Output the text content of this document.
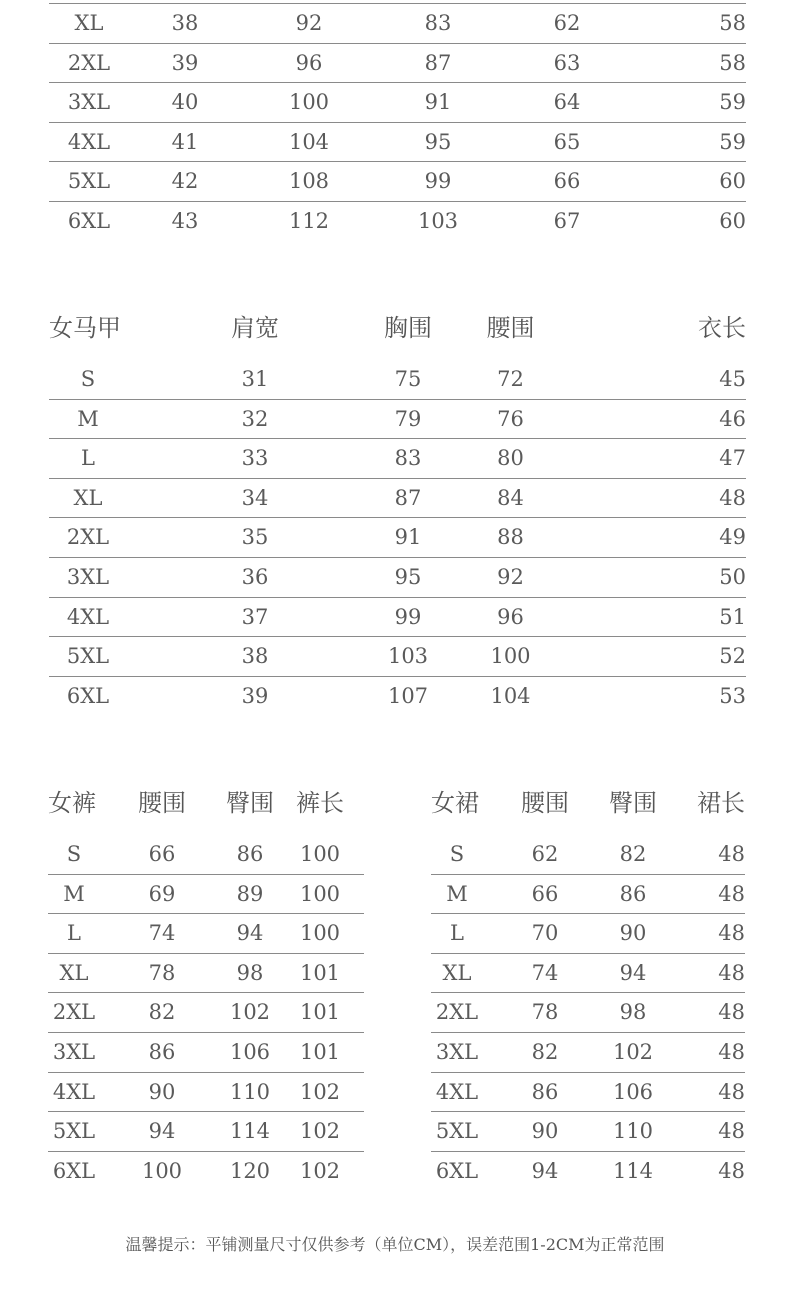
XL	38	92	83	62	58
2XL	39	96	87	63	58
3XL	40	100	91	64	59
4XL	41	104	95	65	59
5XL	42	108	99	66	60
6XL	43	112	103	67	60
女马甲	肩宽	胸围	腰围	衣长
S	31	75	72	45
M	32	79	76	46
L	33	83	80	47
XL	34	87	84	48
2XL	35	91	88	49
3XL	36	95	92	50
4XL	37	99	96	51
5XL	38	103	100	52
6XL	39	107	104	53
女裤	腰围	臀围	裤长
S	66	86	100
M	69	89	100
L	74	94	100
XL	78	98	101
2XL	82	102	101
3XL	86	106	101
4XL	90	110	102
5XL	94	114	102
6XL	100	120	102
女裙	腰围	臀围	裙长
S	62	82	48
M	66	86	48
L	70	90	48
XL	74	94	48
2XL	78	98	48
3XL	82	102	48
4XL	86	106	48
5XL	90	110	48
6XL	94	114	48
温馨提示：平铺测量尺寸仅供参考（单位CM），误差范围1-2CM为正常范围
